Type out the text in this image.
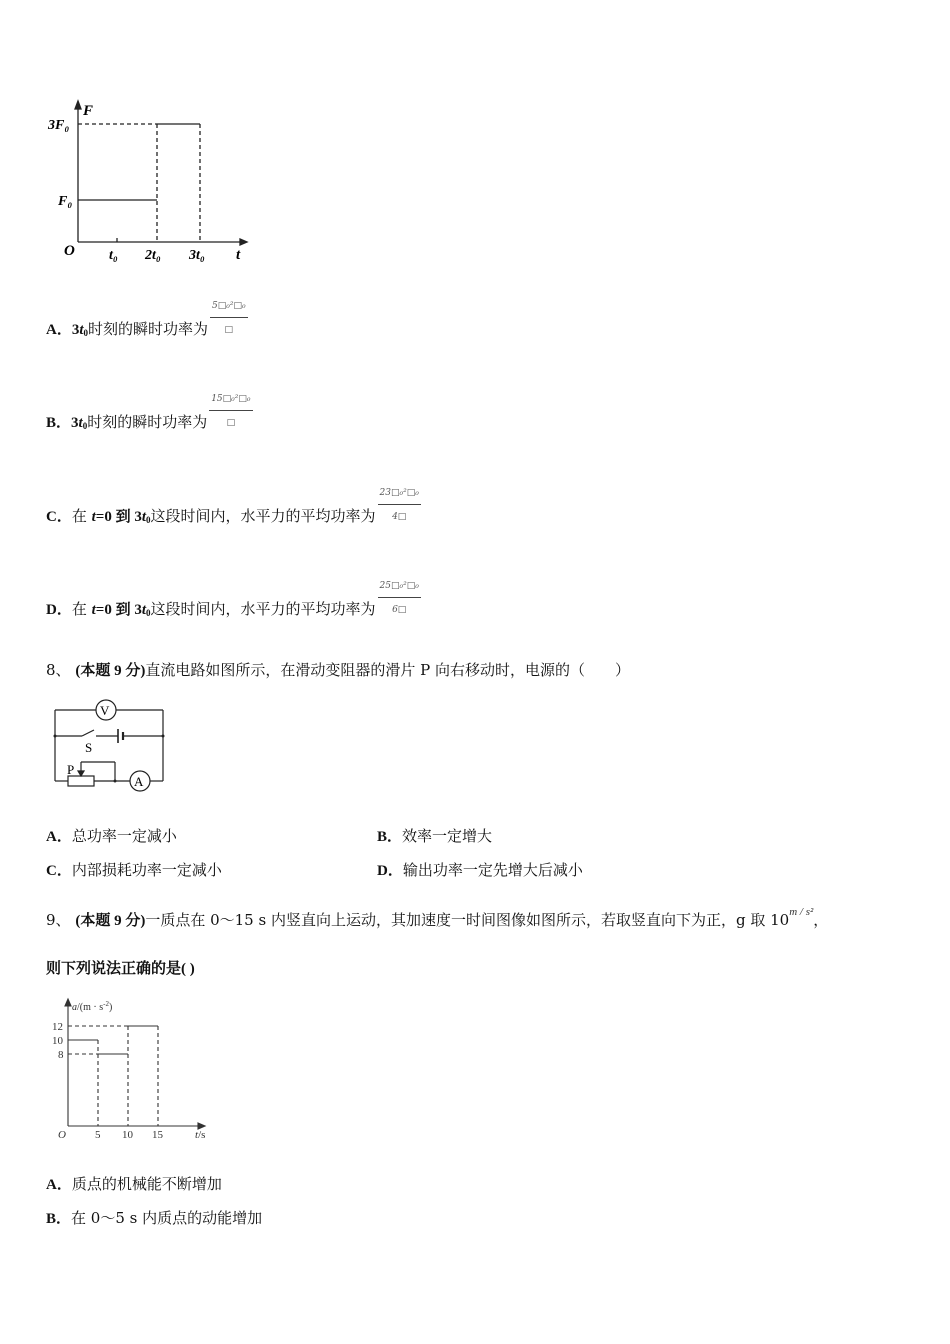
F
3F₀
F₀
O t₀ 2t₀ 3t₀ t
A．$3t_0$时刻的瞬时功率为 $\frac{\text{5□₀²□₀}}{□}$
B．$3t_0$时刻的瞬时功率为 $\frac{\text{15□₀²□₀}}{□}$
C．在 t=0 到 $3t_0$这段时间内，水平力的平均功率为 $\frac{\text{23□₀²□₀}}{4□}$
D．在 t=0 到 $3t_0$这段时间内，水平力的平均功率为 $\frac{\text{25□₀²□₀}}{6□}$
8、 (本题 9 分)直流电路如图所示，在滑动变阻器的滑片 P 向右移动时，电源的（　　）
V
A
S
P
A．总功率一定减小	B．效率一定增大
C．内部损耗功率一定减小	D．输出功率一定先增大后减小
9、 (本题 9 分)一质点在 0～15 s 内竖直向上运动，其加速度一时间图像如图所示，若取竖直向下为正，g 取 $10^{m / s^2}$，
则下列说法正确的是( )
$a/(m \cdot s^{-2})$
12
10
8
O	5 10 15	t/s
A．质点的机械能不断增加
B．在 0～5 s 内质点的动能增加
